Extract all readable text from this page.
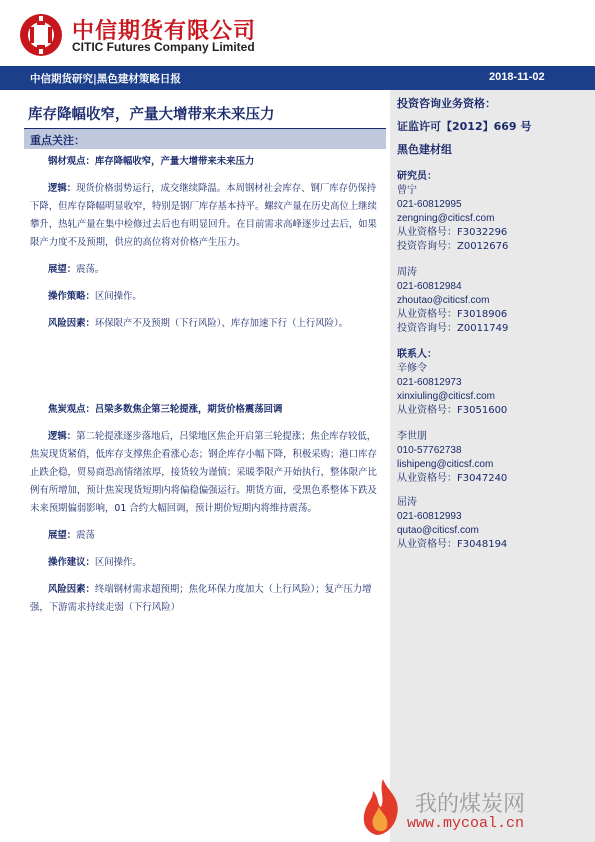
中信期货有限公司
CITIC Futures Company Limited
中信期货研究|黑色建材策略日报	2018-11-02
库存降幅收窄，产量大增带来未来压力
重点关注：

钢材观点：库存降幅收窄，产量大增带来未来压力

逻辑：现货价格弱势运行，成交继续降温。本周钢材社会库存、钢厂库存仍保持下降，但库存降幅明显收窄，特别是钢厂库存基本持平。螺纹产量在历史高位上继续攀升，热轧产量在集中检修过去后也有明显回升。在目前需求高峰逐步过去后，如果限产力度不及预期，供应的高位将对价格产生压力。

展望：震荡。

操作策略：区间操作。

风险因素：环保限产不及预期（下行风险）、库存加速下行（上行风险）。

焦炭观点：吕梁多数焦企第三轮提涨，期货价格震荡回调

逻辑：第二轮提涨逐步落地后，吕梁地区焦企开启第三轮提涨；焦企库存较低，焦炭现货紧俏，低库存支撑焦企看涨心态；钢企库存小幅下降，积极采购；港口库存止跌企稳，贸易商恐高情绪浓厚，接货较为谨慎；采暖季限产开始执行，整体限产比例有所增加，预计焦炭现货短期内将偏稳偏强运行。期货方面，受黑色系整体下跌及未来预期偏弱影响，01 合约大幅回调，预计期价短期内将维持震荡。

展望：震荡

操作建议：区间操作。

风险因素：终端钢材需求超预期；焦化环保力度加大（上行风险）；复产压力增强，下游需求持续走弱（下行风险）

投资咨询业务资格：
证监许可【2012】669 号
黑色建材组
研究员：
曾宁
021-60812995
zengning@citicsf.com
从业资格号：F3032296
投资咨询号：Z0012676
周涛
021-60812984
zhoutao@citicsf.com
从业资格号：F3018906
投资咨询号：Z0011749
联系人：
辛修令
021-60812973
xinxiuling@citicsf.com
从业资格号：F3051600
李世朋
010-57762738
lishipeng@citicsf.com
从业资格号：F3047240
屈涛
021-60812993
qutao@citicsf.com
从业资格号：F3048194
我的煤炭网
www.mycoal.cn
